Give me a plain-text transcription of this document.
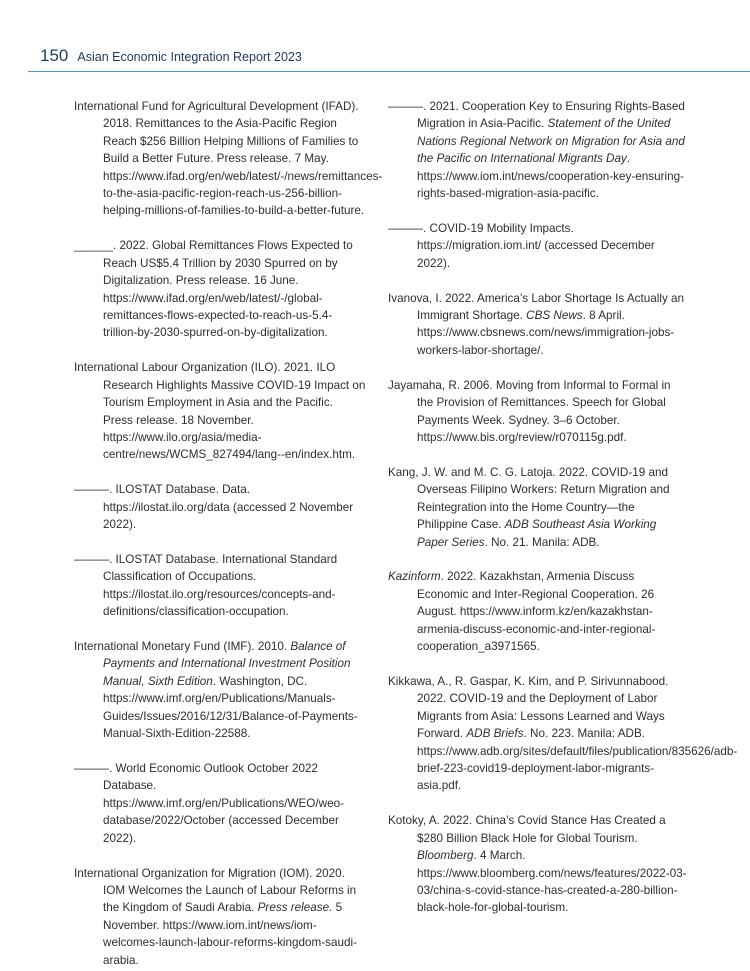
150 Asian Economic Integration Report 2023

International Fund for Agricultural Development (IFAD). 2018. Remittances to the Asia-Pacific Region Reach $256 Billion Helping Millions of Families to Build a Better Future. Press release. 7 May. https://www.ifad.org/en/web/latest/-/news/remittances-to-the-asia-pacific-region-reach-us-256-billion-helping-millions-of-families-to-build-a-better-future.

______. 2022. Global Remittances Flows Expected to Reach US$5.4 Trillion by 2030 Spurred on by Digitalization. Press release. 16 June. https://www.ifad.org/en/web/latest/-/global-remittances-flows-expected-to-reach-us-5.4-trillion-by-2030-spurred-on-by-digitalization.

International Labour Organization (ILO). 2021. ILO Research Highlights Massive COVID-19 Impact on Tourism Employment in Asia and the Pacific. Press release. 18 November. https://www.ilo.org/asia/media-centre/news/WCMS_827494/lang--en/index.htm.

———. ILOSTAT Database. Data. https://ilostat.ilo.org/data (accessed 2 November 2022).

———. ILOSTAT Database. International Standard Classification of Occupations. https://ilostat.ilo.org/resources/concepts-and-definitions/classification-occupation.

International Monetary Fund (IMF). 2010. Balance of Payments and International Investment Position Manual, Sixth Edition. Washington, DC. https://www.imf.org/en/Publications/Manuals-Guides/Issues/2016/12/31/Balance-of-Payments-Manual-Sixth-Edition-22588.

———. World Economic Outlook October 2022 Database. https://www.imf.org/en/Publications/WEO/weo-database/2022/October (accessed December 2022).

International Organization for Migration (IOM). 2020. IOM Welcomes the Launch of Labour Reforms in the Kingdom of Saudi Arabia. Press release. 5 November. https://www.iom.int/news/iom-welcomes-launch-labour-reforms-kingdom-saudi-arabia.

———. 2021. Cooperation Key to Ensuring Rights-Based Migration in Asia-Pacific. Statement of the United Nations Regional Network on Migration for Asia and the Pacific on International Migrants Day. https://www.iom.int/news/cooperation-key-ensuring-rights-based-migration-asia-pacific.

———. COVID-19 Mobility Impacts. https://migration.iom.int/ (accessed December 2022).

Ivanova, I. 2022. America’s Labor Shortage Is Actually an Immigrant Shortage. CBS News. 8 April. https://www.cbsnews.com/news/immigration-jobs-workers-labor-shortage/.

Jayamaha, R. 2006. Moving from Informal to Formal in the Provision of Remittances. Speech for Global Payments Week. Sydney. 3–6 October. https://www.bis.org/review/r070115g.pdf.

Kang, J. W. and M. C. G. Latoja. 2022. COVID-19 and Overseas Filipino Workers: Return Migration and Reintegration into the Home Country—the Philippine Case. ADB Southeast Asia Working Paper Series. No. 21. Manila: ADB.

Kazinform. 2022. Kazakhstan, Armenia Discuss Economic and Inter-Regional Cooperation. 26 August. https://www.inform.kz/en/kazakhstan-armenia-discuss-economic-and-inter-regional-cooperation_a3971565.

Kikkawa, A., R. Gaspar, K. Kim, and P. Sirivunnabood. 2022. COVID-19 and the Deployment of Labor Migrants from Asia: Lessons Learned and Ways Forward. ADB Briefs. No. 223. Manila: ADB. https://www.adb.org/sites/default/files/publication/835626/adb-brief-223-covid19-deployment-labor-migrants-asia.pdf.

Kotoky, A. 2022. China’s Covid Stance Has Created a $280 Billion Black Hole for Global Tourism. Bloomberg. 4 March. https://www.bloomberg.com/news/features/2022-03-03/china-s-covid-stance-has-created-a-280-billion-black-hole-for-global-tourism.
